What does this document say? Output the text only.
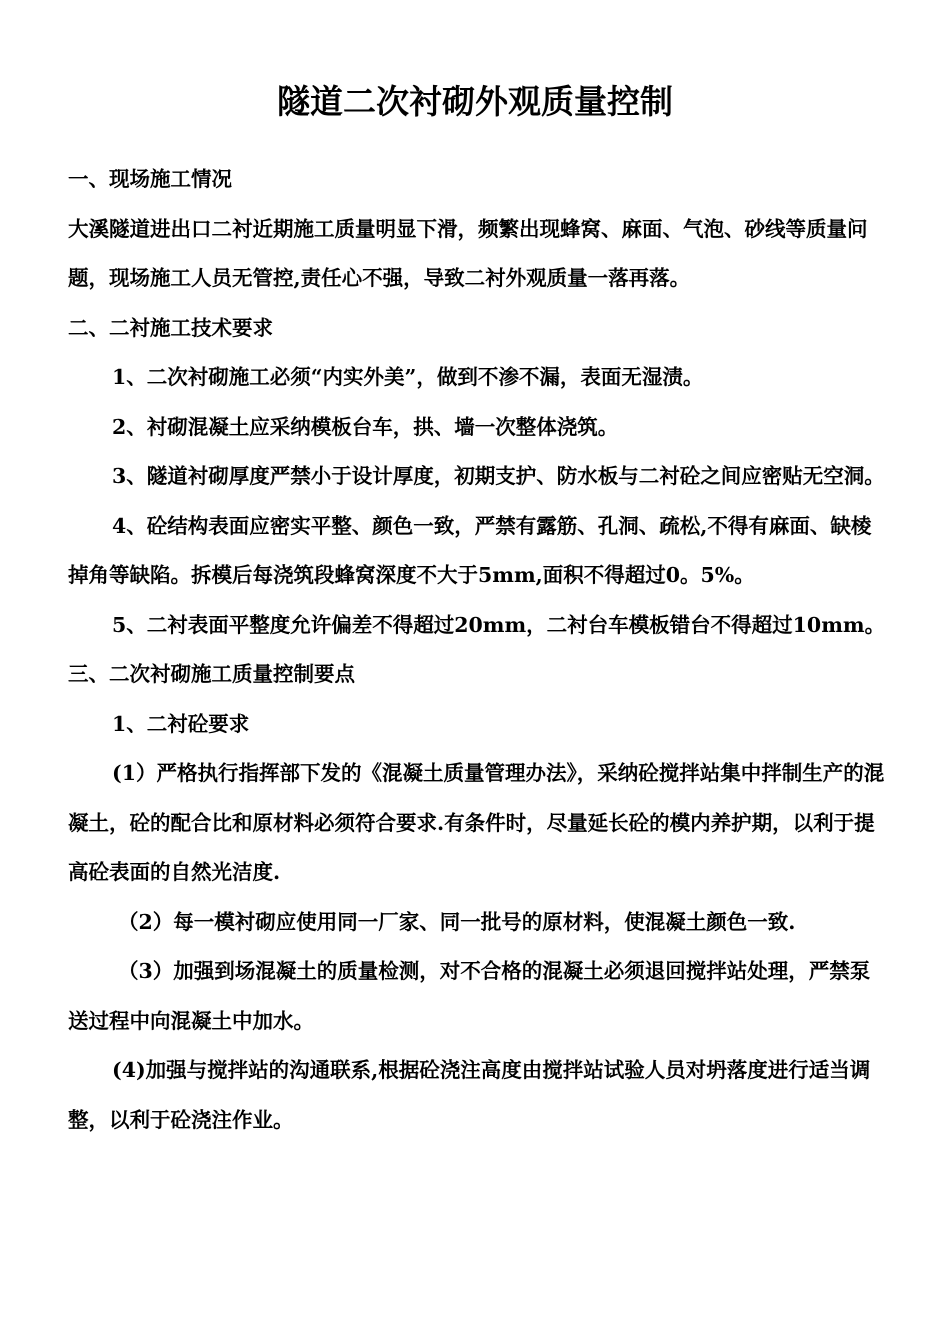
隧道二次衬砌外观质量控制

一、现场施工情况

大溪隧道进出口二衬近期施工质量明显下滑，频繁出现蜂窝、麻面、气泡、砂线等质量问题，现场施工人员无管控,责任心不强，导致二衬外观质量一落再落。

二、二衬施工技术要求

1、二次衬砌施工必须“内实外美”，做到不渗不漏，表面无湿渍。

2、衬砌混凝土应采纳模板台车，拱、墙一次整体浇筑。

3、隧道衬砌厚度严禁小于设计厚度，初期支护、防水板与二衬砼之间应密贴无空洞。

4、砼结构表面应密实平整、颜色一致，严禁有露筋、孔洞、疏松,不得有麻面、缺棱掉角等缺陷。拆模后每浇筑段蜂窝深度不大于5mm,面积不得超过0。5%。

5、二衬表面平整度允许偏差不得超过20mm，二衬台车模板错台不得超过10mm。

三、二次衬砌施工质量控制要点

1、二衬砼要求

(1）严格执行指挥部下发的《混凝土质量管理办法》，采纳砼搅拌站集中拌制生产的混凝土，砼的配合比和原材料必须符合要求.有条件时，尽量延长砼的模内养护期，以利于提高砼表面的自然光洁度.

（2）每一模衬砌应使用同一厂家、同一批号的原材料，使混凝土颜色一致.

（3）加强到场混凝土的质量检测，对不合格的混凝土必须退回搅拌站处理，严禁泵送过程中向混凝土中加水。

(4)加强与搅拌站的沟通联系,根据砼浇注高度由搅拌站试验人员对坍落度进行适当调整，以利于砼浇注作业。
